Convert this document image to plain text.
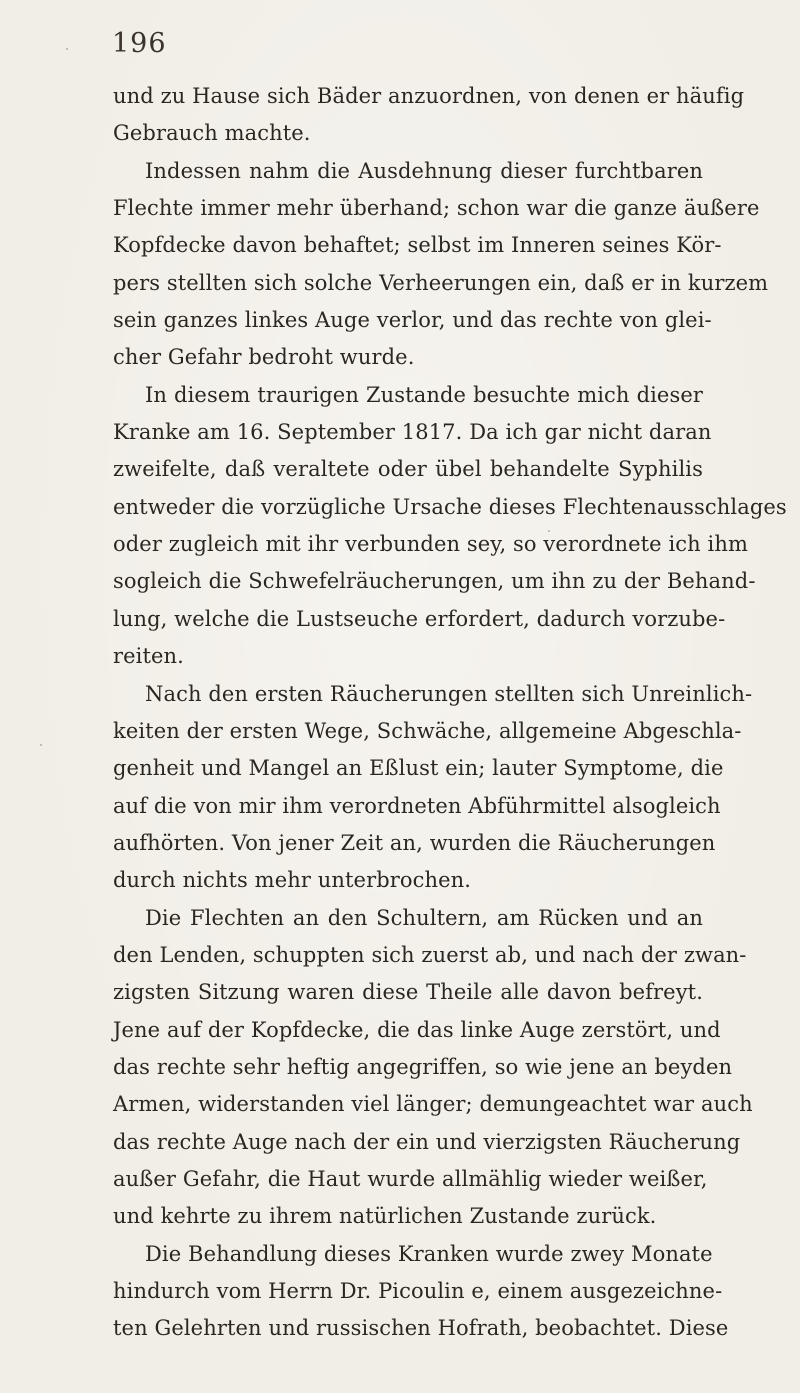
196
und zu Hause sich Bäder anzuordnen, von denen er häufig
Gebrauch machte.
Indessen nahm die Ausdehnung dieser furchtbaren
Flechte immer mehr überhand; schon war die ganze äußere
Kopfdecke davon behaftet; selbst im Inneren seines Kör-
pers stellten sich solche Verheerungen ein, daß er in kurzem
sein ganzes linkes Auge verlor, und das rechte von glei-
cher Gefahr bedroht wurde.
In diesem traurigen Zustande besuchte mich dieser
Kranke am 16. September 1817. Da ich gar nicht daran
zweifelte, daß veraltete oder übel behandelte Syphilis
entweder die vorzügliche Ursache dieses Flechtenausschlages
oder zugleich mit ihr verbunden sey, so verordnete ich ihm
sogleich die Schwefelräucherungen, um ihn zu der Behand-
lung, welche die Lustseuche erfordert, dadurch vorzube-
reiten.
Nach den ersten Räucherungen stellten sich Unreinlich-
keiten der ersten Wege, Schwäche, allgemeine Abgeschla-
genheit und Mangel an Eßlust ein; lauter Symptome, die
auf die von mir ihm verordneten Abführmittel alsogleich
aufhörten. Von jener Zeit an, wurden die Räucherungen
durch nichts mehr unterbrochen.
Die Flechten an den Schultern, am Rücken und an
den Lenden, schuppten sich zuerst ab, und nach der zwan-
zigsten Sitzung waren diese Theile alle davon befreyt.
Jene auf der Kopfdecke, die das linke Auge zerstört, und
das rechte sehr heftig angegriffen, so wie jene an beyden
Armen, widerstanden viel länger; demungeachtet war auch
das rechte Auge nach der ein und vierzigsten Räucherung
außer Gefahr, die Haut wurde allmählig wieder weißer,
und kehrte zu ihrem natürlichen Zustande zurück.
Die Behandlung dieses Kranken wurde zwey Monate
hindurch vom Herrn Dr. Picoulin e, einem ausgezeichne-
ten Gelehrten und russischen Hofrath, beobachtet. Diese
